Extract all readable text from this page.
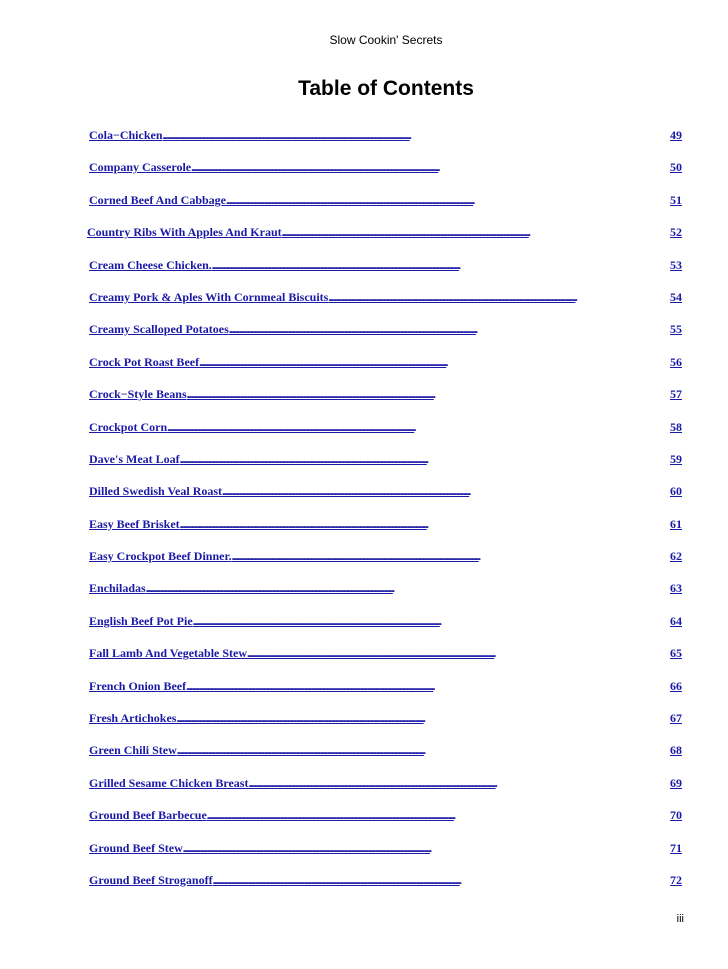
Slow Cookin' Secrets
Table of Contents
Cola−Chicken . . .	49
Company Casserole . . .	50
Corned Beef And Cabbage . . .	51
Country Ribs With Apples And Kraut . . .	52
Cream Cheese Chicken. . . .	53
Creamy Pork & Aples With Cornmeal Biscuits . . .	54
Creamy Scalloped Potatoes . . .	55
Crock Pot Roast Beef . . .	56
Crock−Style Beans . . .	57
Crockpot Corn . . .	58
Dave's Meat Loaf . . .	59
Dilled Swedish Veal Roast . . .	60
Easy Beef Brisket . . .	61
Easy Crockpot Beef Dinner. . . .	62
Enchiladas . . .	63
English Beef Pot Pie . . .	64
Fall Lamb And Vegetable Stew . . .	65
French Onion Beef . . .	66
Fresh Artichokes . . .	67
Green Chili Stew . . .	68
Grilled Sesame Chicken Breast . . .	69
Ground Beef Barbecue . . .	70
Ground Beef Stew . . .	71
Ground Beef Stroganoff . . .	72
iii
